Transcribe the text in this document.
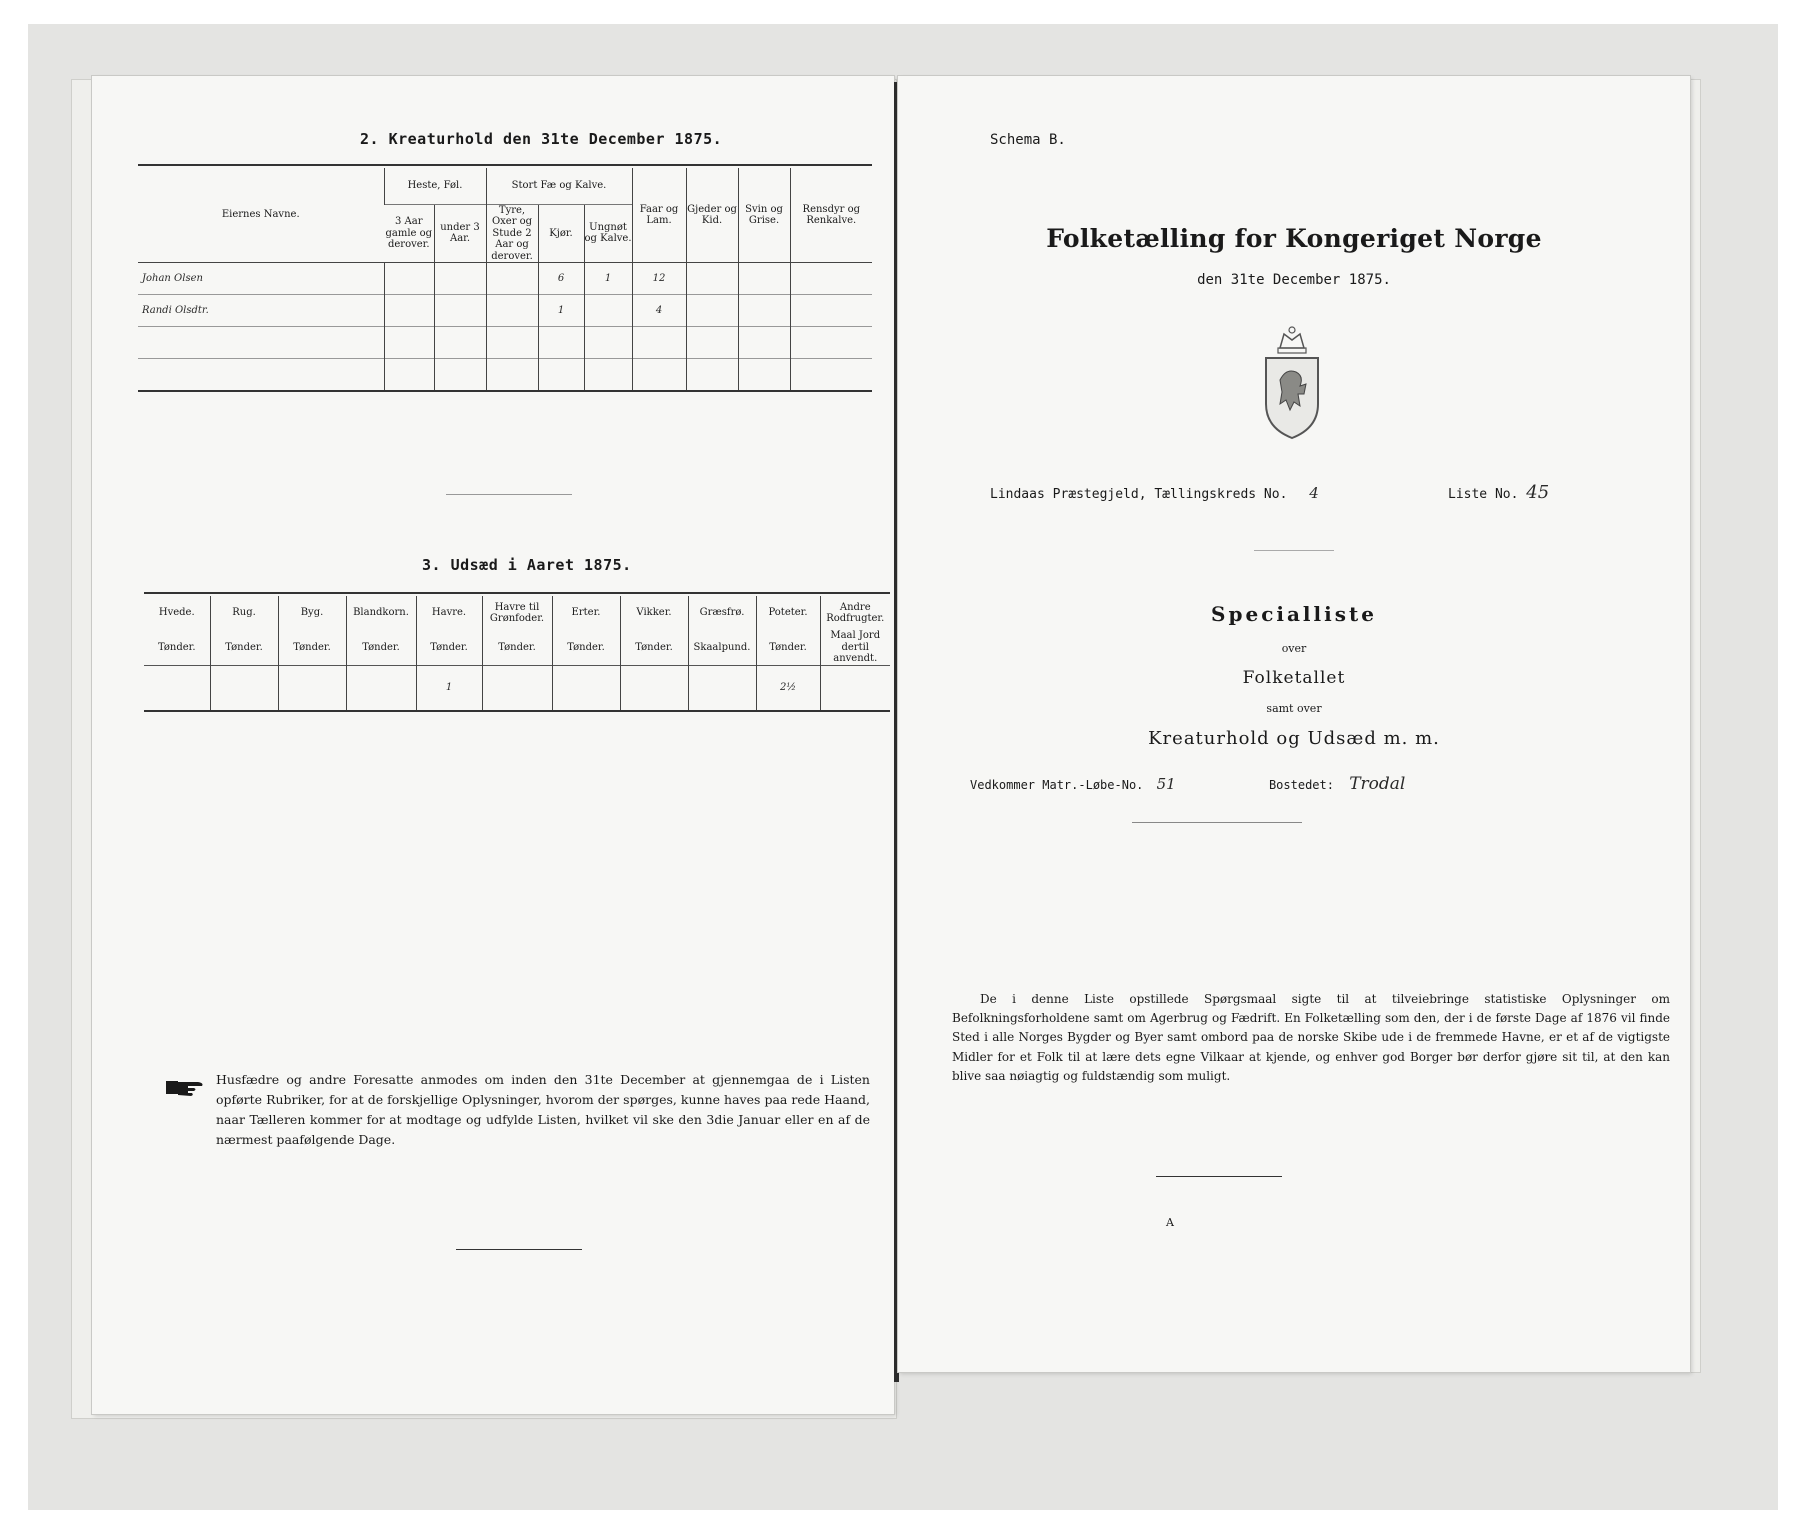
2. Kreaturhold den 31te December 1875.
Eiernes Navne.	Heste, Føl.		Stort Fæ og Kalve.			Faar og Lam.	Gjeder og Kid.	Svin og Grise.	Rensdyr og Renkalve.
	3 Aar gamle og derover.	under 3 Aar.	Tyre, Oxer og Stude 2 Aar og derover.	Kjør.	Ungnøt og Kalve.				
Johan Olsen				6	1	12			
Randi Olsdtr.				1		4			

3. Udsæd i Aaret 1875.
Hvede.	Rug.	Byg.	Blandkorn.	Havre.	Havre til Grønfoder.	Erter.	Vikker.	Græsfrø.	Poteter.	Andre Rodfrugter.
Tønder.	Tønder.	Tønder.	Tønder.	Tønder.	Tønder.	Tønder.	Tønder.	Skaalpund.	Tønder.	Maal Jord dertil anvendt.
				1					2½	
Husfædre og andre Foresatte anmodes om inden den 31te December at gjennemgaa de i Listen opførte Rubriker, for at de forskjellige Oplysninger, hvorom der spørges, kunne haves paa rede Haand, naar Tælleren kommer for at modtage og udfylde Listen, hvilket vil ske den 3die Januar eller en af de nærmest paafølgende Dage.
Schema B.
Folketælling for Kongeriget Norge
den 31te December 1875.
Lindaas Præstegjeld, Tællingskreds No. 4	Liste No. 45
Specialliste
over
Folketallet
samt over
Kreaturhold og Udsæd m. m.
Vedkommer Matr.-Løbe-No. 51	Bostedet: Trodal
De i denne Liste opstillede Spørgsmaal sigte til at tilveiebringe statistiske Oplysninger om Befolkningsforholdene samt om Agerbrug og Fædrift. En Folketælling som den, der i de første Dage af 1876 vil finde Sted i alle Norges Bygder og Byer samt ombord paa de norske Skibe ude i de fremmede Havne, er et af de vigtigste Midler for et Folk til at lære dets egne Vilkaar at kjende, og enhver god Borger bør derfor gjøre sit til, at den kan blive saa nøiagtig og fuldstændig som muligt.
A
